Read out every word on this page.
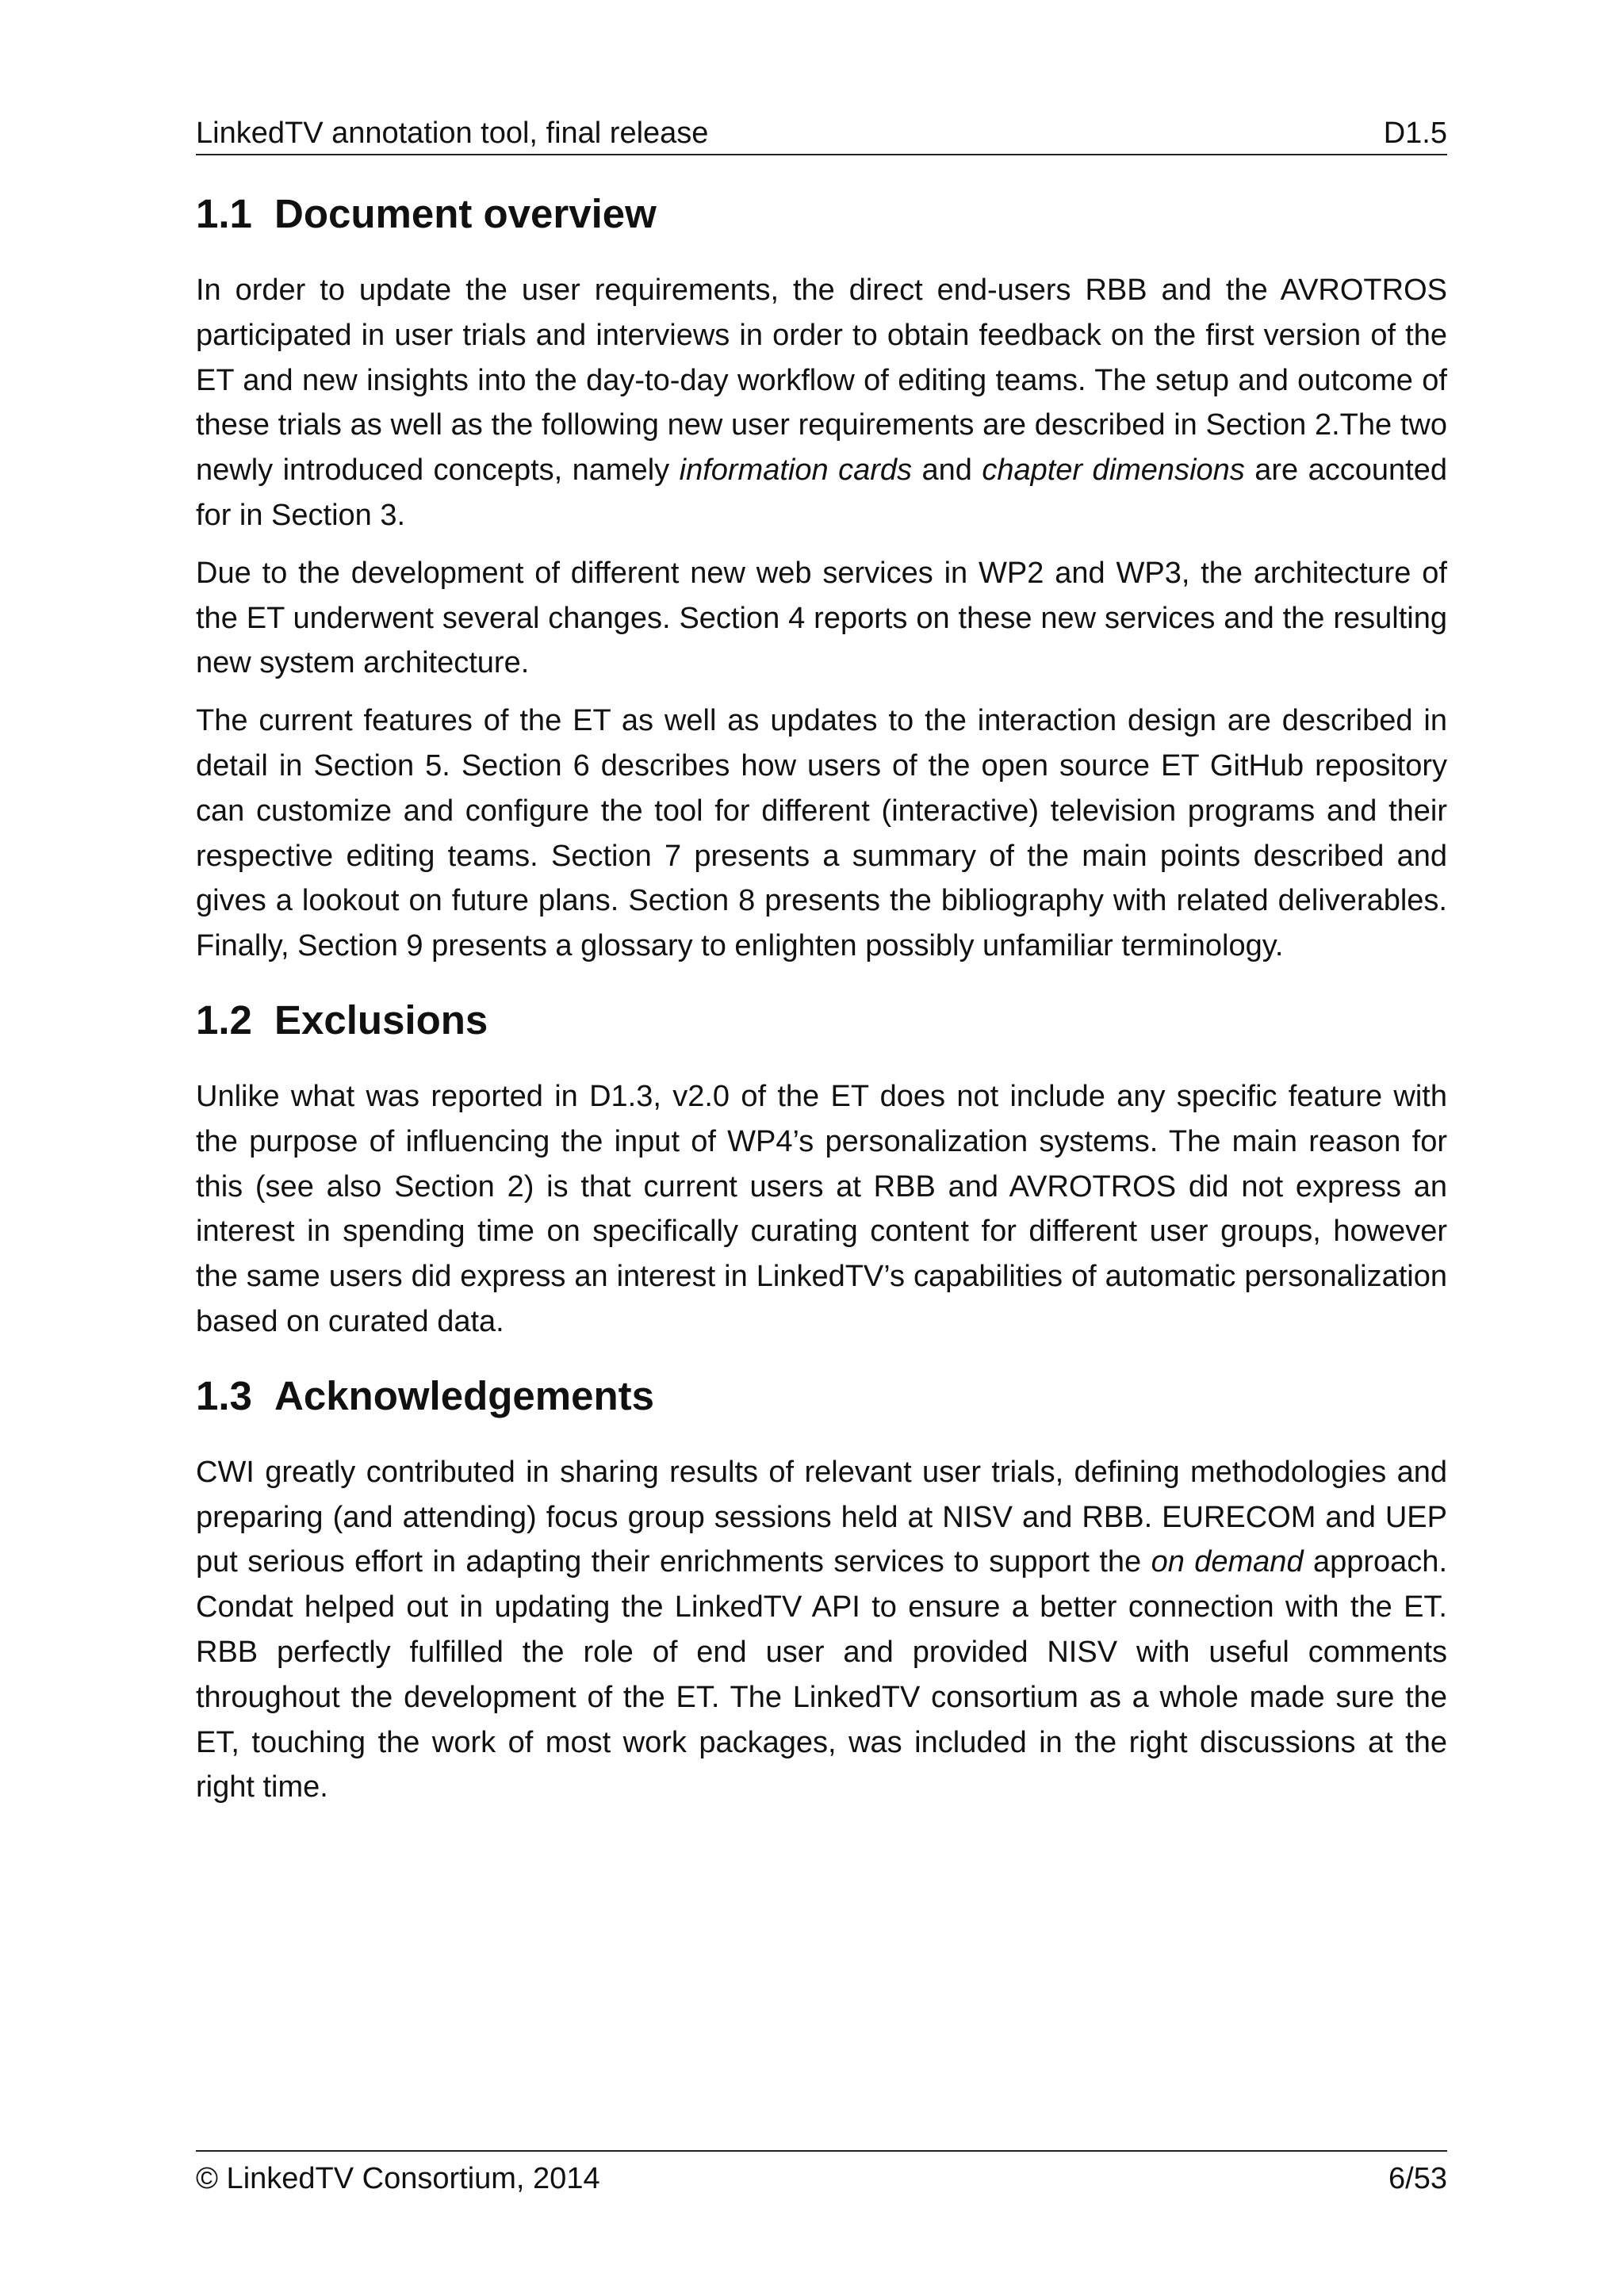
LinkedTV annotation tool, final release	D1.5
1.1 Document overview

In order to update the user requirements, the direct end-users RBB and the AVROTROS participated in user trials and interviews in order to obtain feedback on the first version of the ET and new insights into the day-to-day workflow of editing teams. The setup and outcome of these trials as well as the following new user requirements are described in Section 2.The two newly introduced concepts, namely information cards and chapter dimensions are accounted for in Section 3.

Due to the development of different new web services in WP2 and WP3, the architecture of the ET underwent several changes. Section 4 reports on these new services and the resulting new system architecture.

The current features of the ET as well as updates to the interaction design are described in detail in Section 5. Section 6 describes how users of the open source ET GitHub repository can customize and configure the tool for different (interactive) television programs and their respective editing teams. Section 7 presents a summary of the main points described and gives a lookout on future plans. Section 8 presents the bibliography with related deliverables. Finally, Section 9 presents a glossary to enlighten possibly unfamiliar terminology.

1.2 Exclusions

Unlike what was reported in D1.3, v2.0 of the ET does not include any specific feature with the purpose of influencing the input of WP4’s personalization systems. The main reason for this (see also Section 2) is that current users at RBB and AVROTROS did not express an interest in spending time on specifically curating content for different user groups, however the same users did express an interest in LinkedTV’s capabilities of automatic personalization based on curated data.

1.3 Acknowledgements

CWI greatly contributed in sharing results of relevant user trials, defining methodologies and preparing (and attending) focus group sessions held at NISV and RBB. EURECOM and UEP put serious effort in adapting their enrichments services to support the on demand approach. Condat helped out in updating the LinkedTV API to ensure a better connection with the ET. RBB perfectly fulfilled the role of end user and provided NISV with useful comments throughout the development of the ET. The LinkedTV consortium as a whole made sure the ET, touching the work of most work packages, was included in the right discussions at the right time.

© LinkedTV Consortium, 2014	6/53
